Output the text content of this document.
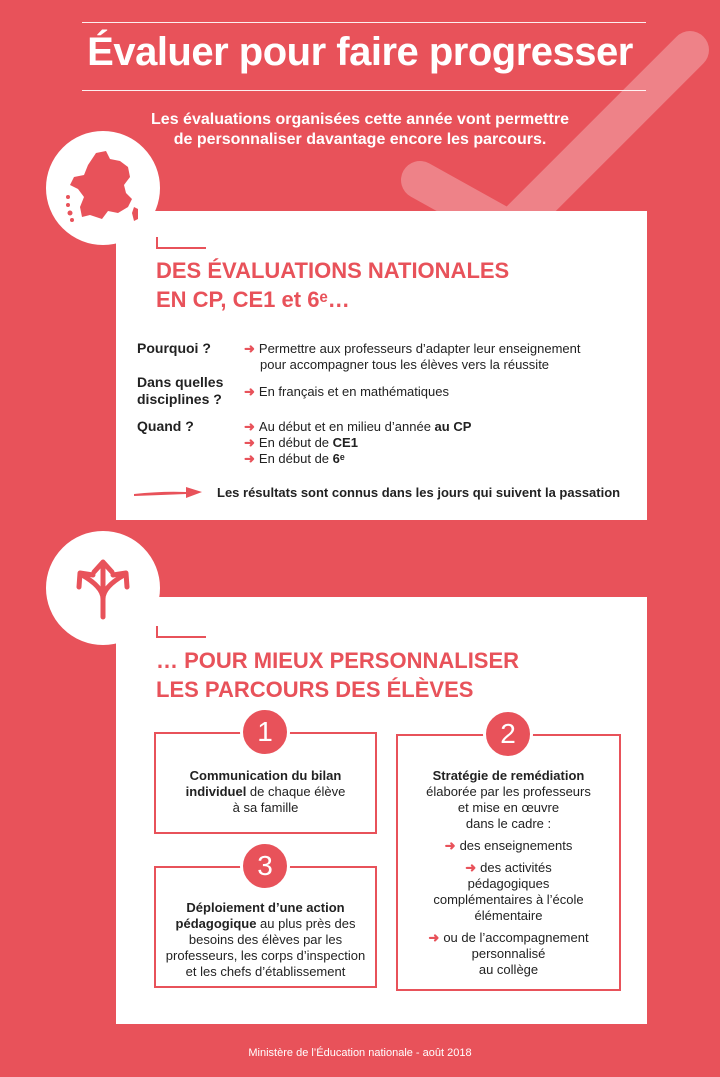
Évaluer pour faire progresser
Les évaluations organisées cette année vont permettre
de personnaliser davantage encore les parcours.
DES ÉVALUATIONS NATIONALES
EN CP, CE1 et 6ᵉ…
Pourquoi ?	➜ Permettre aux professeurs d’adapter leur enseignement
pour accompagner tous les élèves vers la réussite
Dans quelles
disciplines ? ➜ En français et en mathématiques
Quand ?	➜ Au début et en milieu d’année au CP
➜ En début de CE1
➜ En début de 6ᵉ
Les résultats sont connus dans les jours qui suivent la passation
… POUR MIEUX PERSONNALISER
LES PARCOURS DES ÉLÈVES
1
Communication du bilan
individuel de chaque élève
à sa famille
3
Déploiement d’une action
pédagogique au plus près des
besoins des élèves par les
professeurs, les corps d’inspection
et les chefs d’établissement
2
Stratégie de remédiation
élaborée par les professeurs
et mise en œuvre
dans le cadre :
➜ des enseignements
➜ des activités
pédagogiques
complémentaires à l’école
élémentaire
➜ ou de l’accompagnement
personnalisé
au collège
Ministère de l’Éducation nationale - août 2018
